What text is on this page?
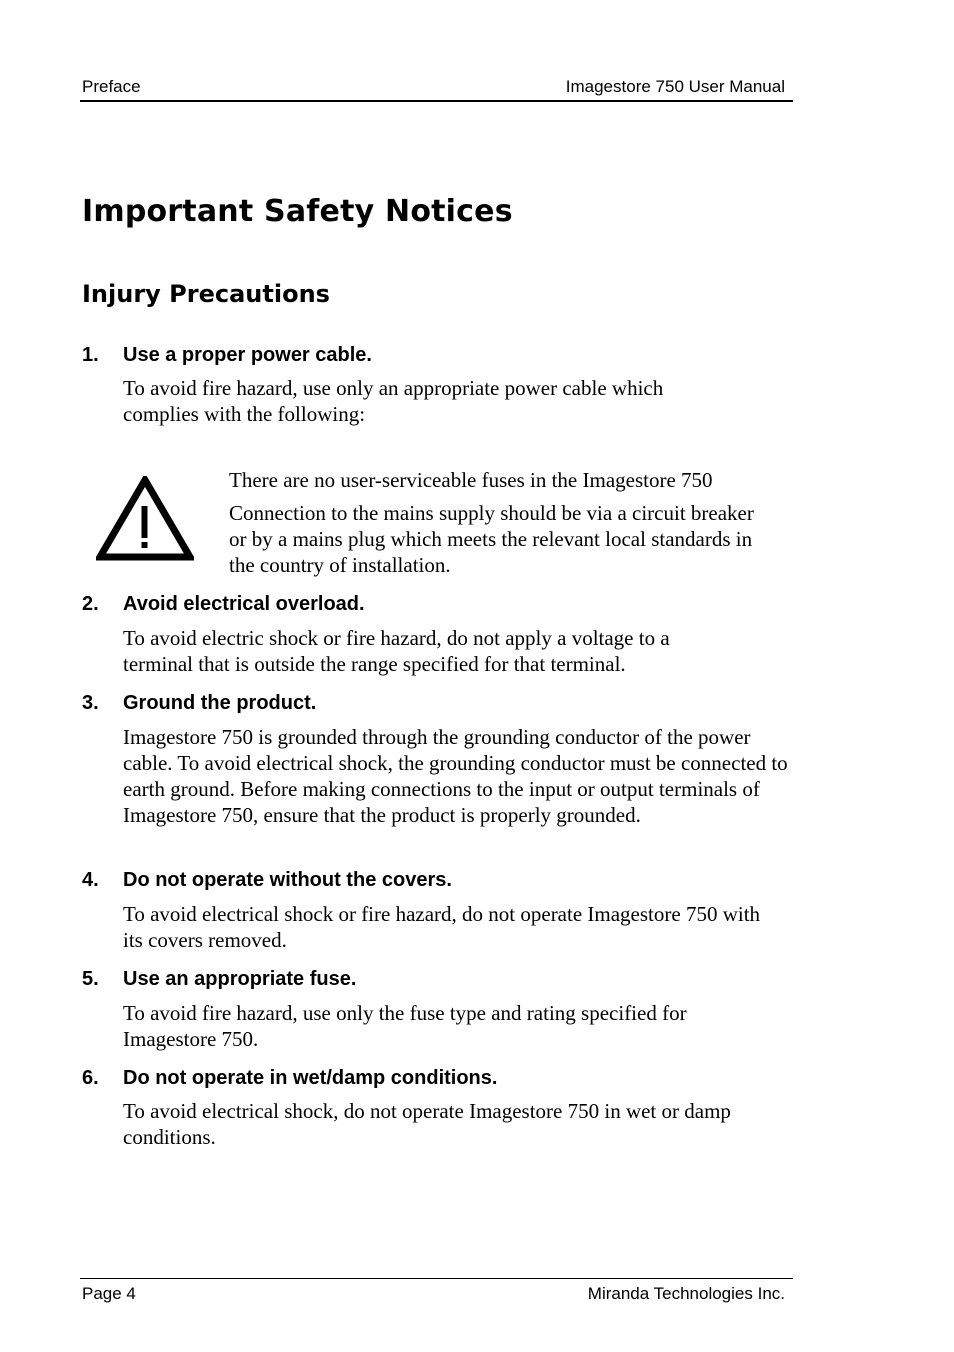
Preface	Imagestore 750 User Manual
Important Safety Notices
Injury Precautions
1. Use a proper power cable.
To avoid fire hazard, use only an appropriate power cable which complies with the following:
There are no user-serviceable fuses in the Imagestore 750
Connection to the mains supply should be via a circuit breaker or by a mains plug which meets the relevant local standards in the country of installation.
2. Avoid electrical overload.
To avoid electric shock or fire hazard, do not apply a voltage to a terminal that is outside the range specified for that terminal.
3. Ground the product.
Imagestore 750 is grounded through the grounding conductor of the power cable. To avoid electrical shock, the grounding conductor must be connected to earth ground. Before making connections to the input or output terminals of Imagestore 750, ensure that the product is properly grounded.
4. Do not operate without the covers.
To avoid electrical shock or fire hazard, do not operate Imagestore 750 with its covers removed.
5. Use an appropriate fuse.
To avoid fire hazard, use only the fuse type and rating specified for Imagestore 750.
6. Do not operate in wet/damp conditions.
To avoid electrical shock, do not operate Imagestore 750 in wet or damp conditions.
Page 4	Miranda Technologies Inc.
